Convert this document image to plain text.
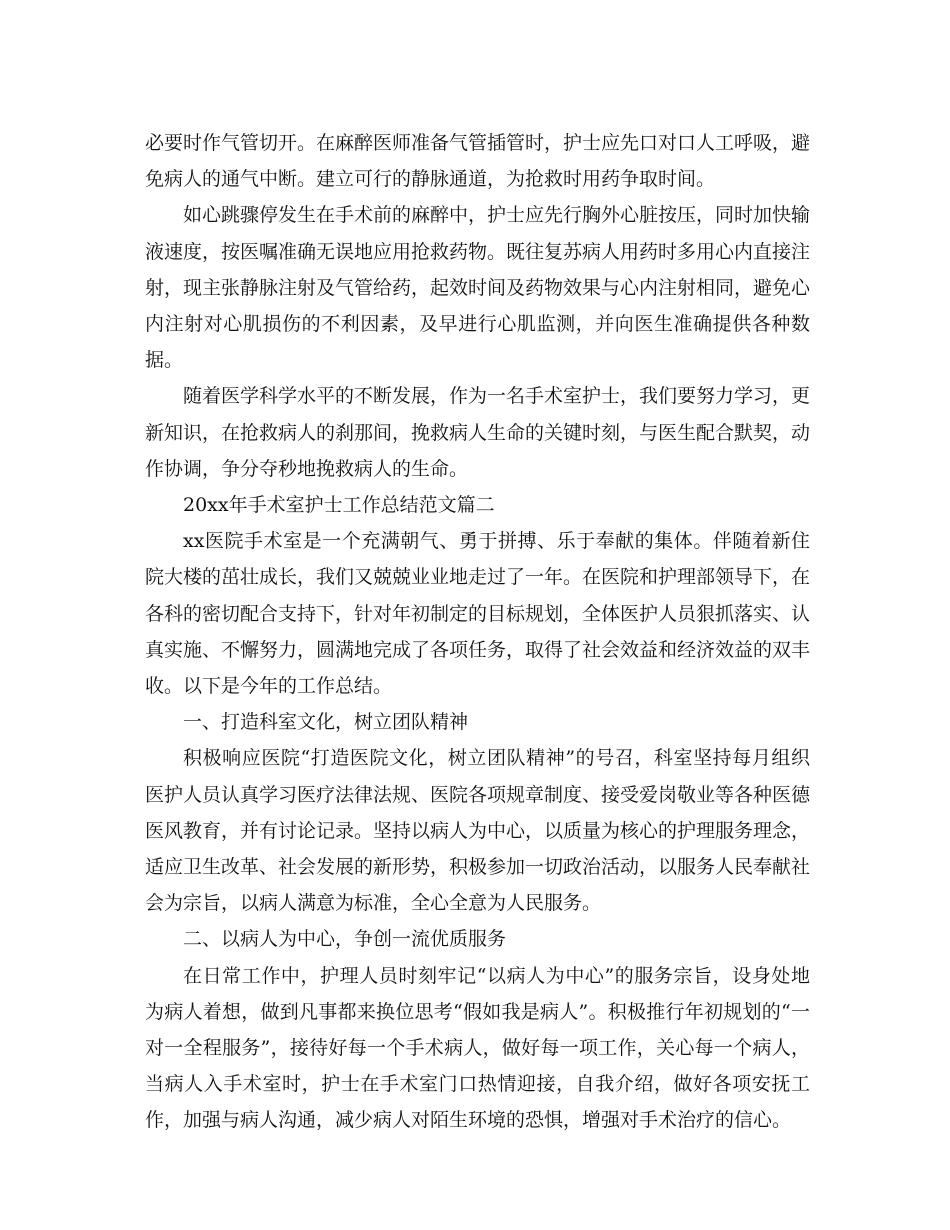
必要时作气管切开。在麻醉医师准备气管插管时，护士应先口对口人工呼吸，避免病人的通气中断。建立可行的静脉通道，为抢救时用药争取时间。

如心跳骤停发生在手术前的麻醉中，护士应先行胸外心脏按压，同时加快输液速度，按医嘱准确无误地应用抢救药物。既往复苏病人用药时多用心内直接注射，现主张静脉注射及气管给药，起效时间及药物效果与心内注射相同，避免心内注射对心肌损伤的不利因素，及早进行心肌监测，并向医生准确提供各种数据。

随着医学科学水平的不断发展，作为一名手术室护士，我们要努力学习，更新知识，在抢救病人的刹那间，挽救病人生命的关键时刻，与医生配合默契，动作协调，争分夺秒地挽救病人的生命。

20xx年手术室护士工作总结范文篇二

xx医院手术室是一个充满朝气、勇于拼搏、乐于奉献的集体。伴随着新住院大楼的茁壮成长，我们又兢兢业业地走过了一年。在医院和护理部领导下，在各科的密切配合支持下，针对年初制定的目标规划，全体医护人员狠抓落实、认真实施、不懈努力，圆满地完成了各项任务，取得了社会效益和经济效益的双丰收。以下是今年的工作总结。

一、打造科室文化，树立团队精神

积极响应医院“打造医院文化，树立团队精神”的号召，科室坚持每月组织医护人员认真学习医疗法律法规、医院各项规章制度、接受爱岗敬业等各种医德医风教育，并有讨论记录。坚持以病人为中心，以质量为核心的护理服务理念，适应卫生改革、社会发展的新形势，积极参加一切政治活动，以服务人民奉献社会为宗旨，以病人满意为标准，全心全意为人民服务。

二、以病人为中心，争创一流优质服务

在日常工作中，护理人员时刻牢记“以病人为中心”的服务宗旨，设身处地为病人着想，做到凡事都来换位思考“假如我是病人”。积极推行年初规划的“一对一全程服务”，接待好每一个手术病人，做好每一项工作，关心每一个病人，当病人入手术室时，护士在手术室门口热情迎接，自我介绍，做好各项安抚工作，加强与病人沟通，减少病人对陌生环境的恐惧，增强对手术治疗的信心。
